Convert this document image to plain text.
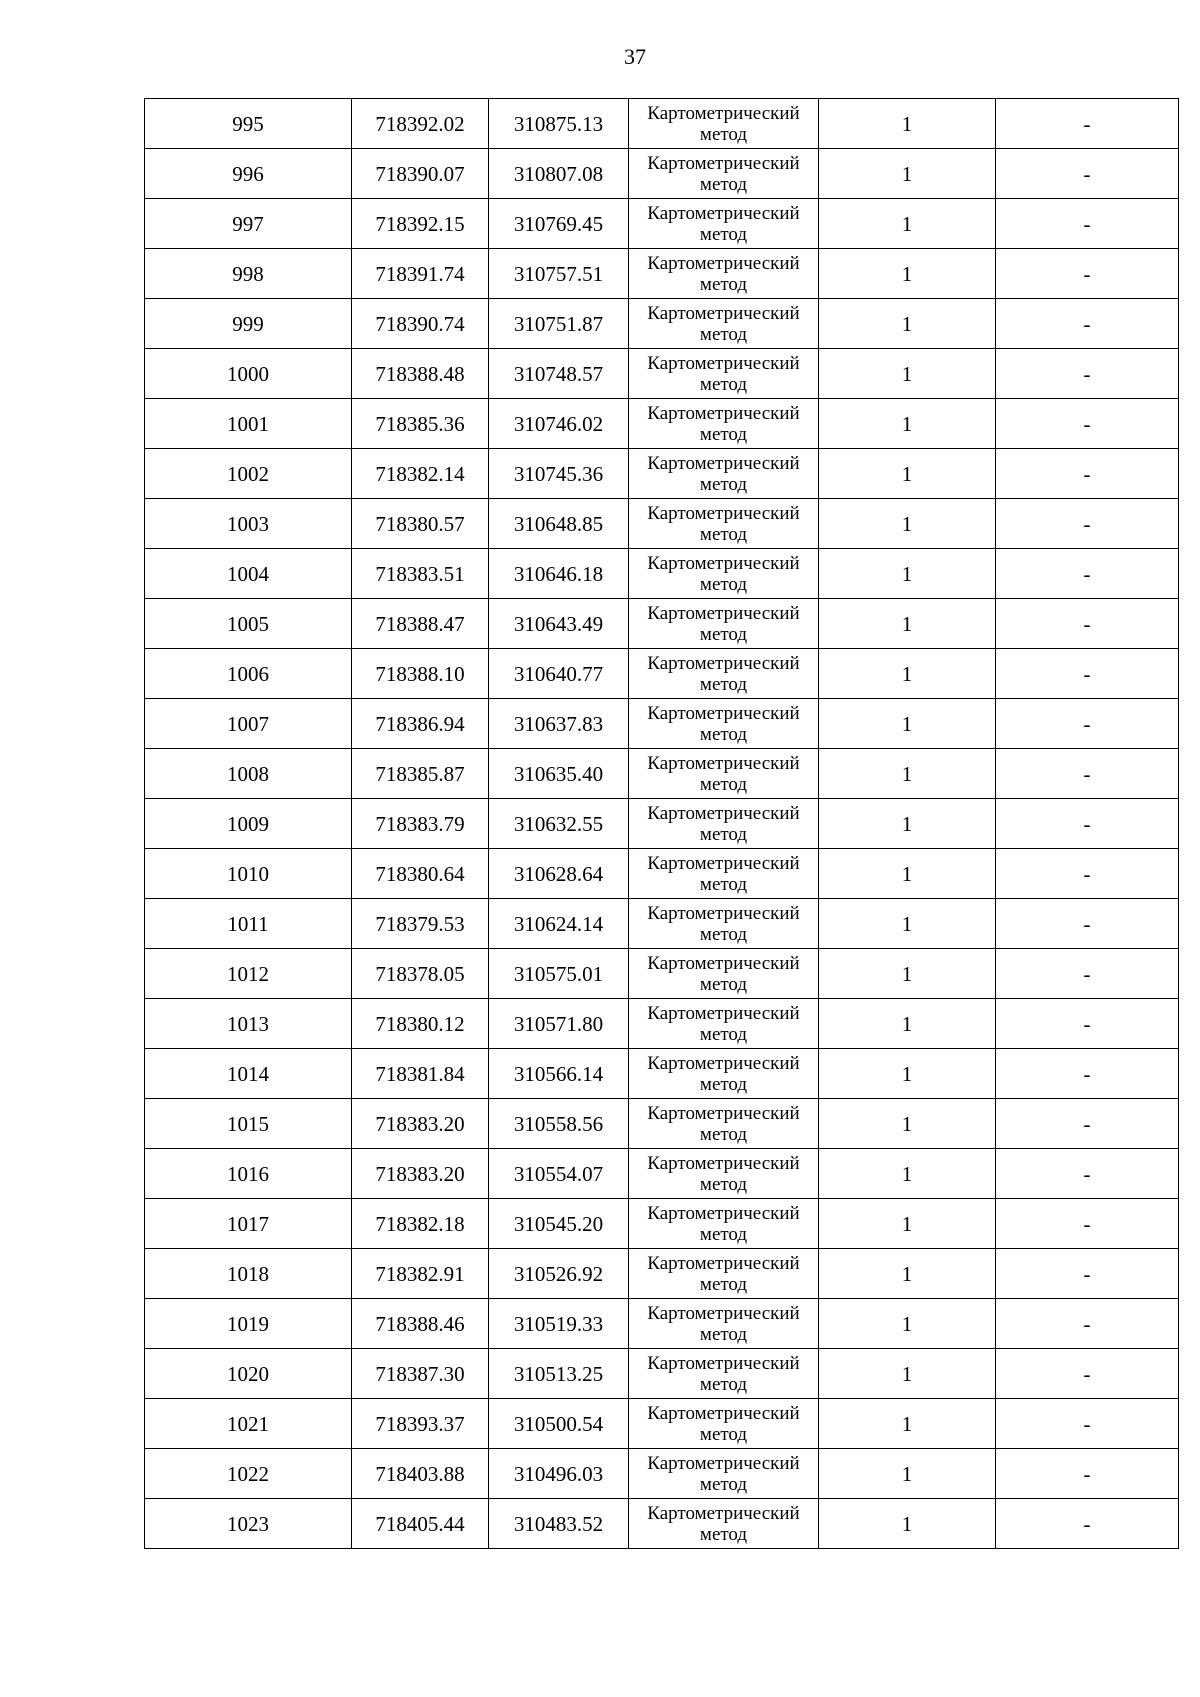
37
995	718392.02	310875.13	Картометрический метод	1	-
996	718390.07	310807.08	Картометрический метод	1	-
997	718392.15	310769.45	Картометрический метод	1	-
998	718391.74	310757.51	Картометрический метод	1	-
999	718390.74	310751.87	Картометрический метод	1	-
1000	718388.48	310748.57	Картометрический метод	1	-
1001	718385.36	310746.02	Картометрический метод	1	-
1002	718382.14	310745.36	Картометрический метод	1	-
1003	718380.57	310648.85	Картометрический метод	1	-
1004	718383.51	310646.18	Картометрический метод	1	-
1005	718388.47	310643.49	Картометрический метод	1	-
1006	718388.10	310640.77	Картометрический метод	1	-
1007	718386.94	310637.83	Картометрический метод	1	-
1008	718385.87	310635.40	Картометрический метод	1	-
1009	718383.79	310632.55	Картометрический метод	1	-
1010	718380.64	310628.64	Картометрический метод	1	-
1011	718379.53	310624.14	Картометрический метод	1	-
1012	718378.05	310575.01	Картометрический метод	1	-
1013	718380.12	310571.80	Картометрический метод	1	-
1014	718381.84	310566.14	Картометрический метод	1	-
1015	718383.20	310558.56	Картометрический метод	1	-
1016	718383.20	310554.07	Картометрический метод	1	-
1017	718382.18	310545.20	Картометрический метод	1	-
1018	718382.91	310526.92	Картометрический метод	1	-
1019	718388.46	310519.33	Картометрический метод	1	-
1020	718387.30	310513.25	Картометрический метод	1	-
1021	718393.37	310500.54	Картометрический метод	1	-
1022	718403.88	310496.03	Картометрический метод	1	-
1023	718405.44	310483.52	Картометрический метод	1	-
